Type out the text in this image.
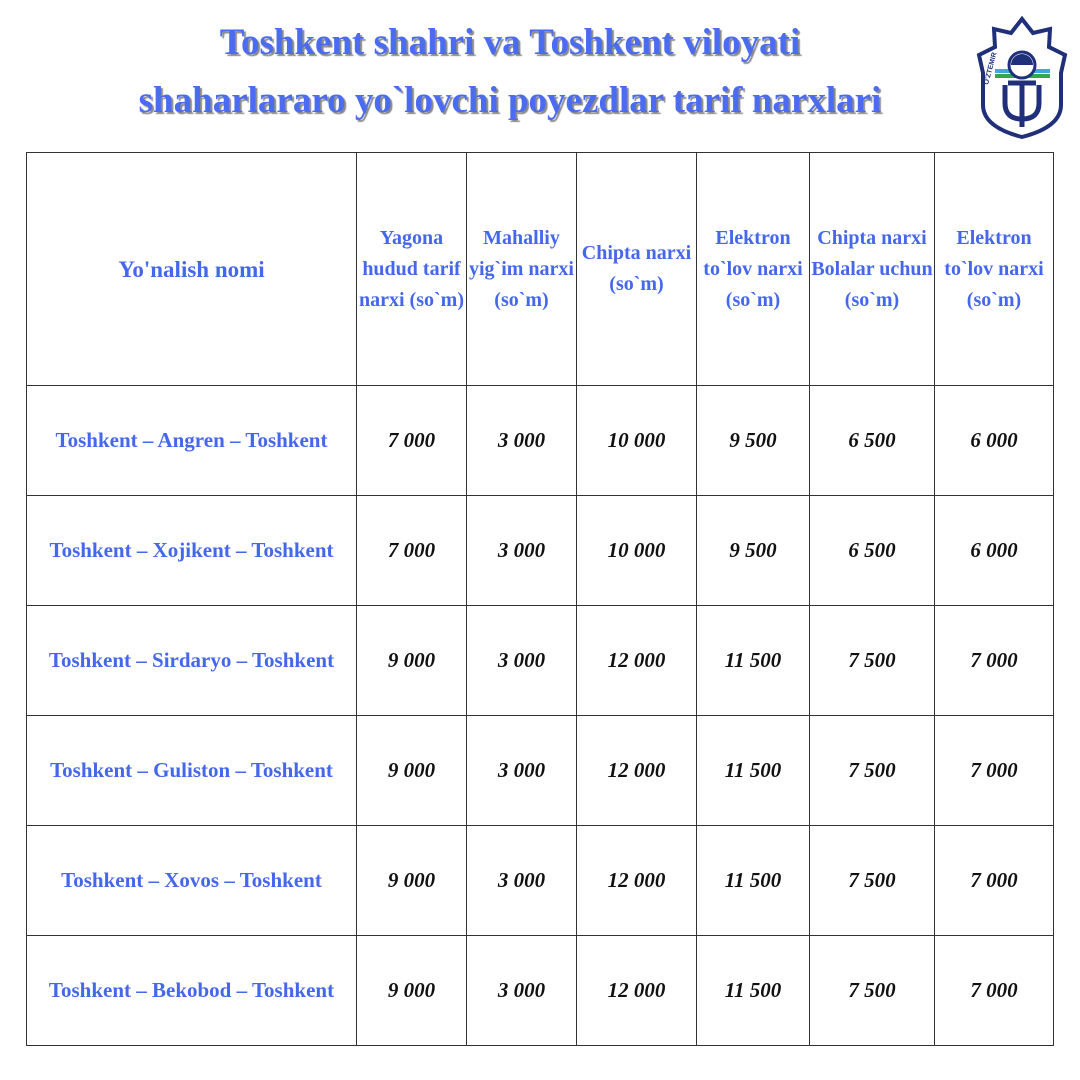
Toshkent shahri va Toshkent viloyati
shaharlararo yo`lovchi poyezdlar tarif narxlari
O'ZTEMIR
Yo'nalish nomi	Yagona hudud tarif narxi (so`m)	Mahalliy yig`im narxi (so`m)	Chipta narxi (so`m)	Elektron to`lov narxi (so`m)	Chipta narxi Bolalar uchun (so`m)	Elektron to`lov narxi (so`m)
Toshkent – Angren – Toshkent	7 000	3 000	10 000	9 500	6 500	6 000
Toshkent – Xojikent – Toshkent	7 000	3 000	10 000	9 500	6 500	6 000
Toshkent – Sirdaryo – Toshkent	9 000	3 000	12 000	11 500	7 500	7 000
Toshkent – Guliston – Toshkent	9 000	3 000	12 000	11 500	7 500	7 000
Toshkent – Xovos – Toshkent	9 000	3 000	12 000	11 500	7 500	7 000
Toshkent – Bekobod – Toshkent	9 000	3 000	12 000	11 500	7 500	7 000
